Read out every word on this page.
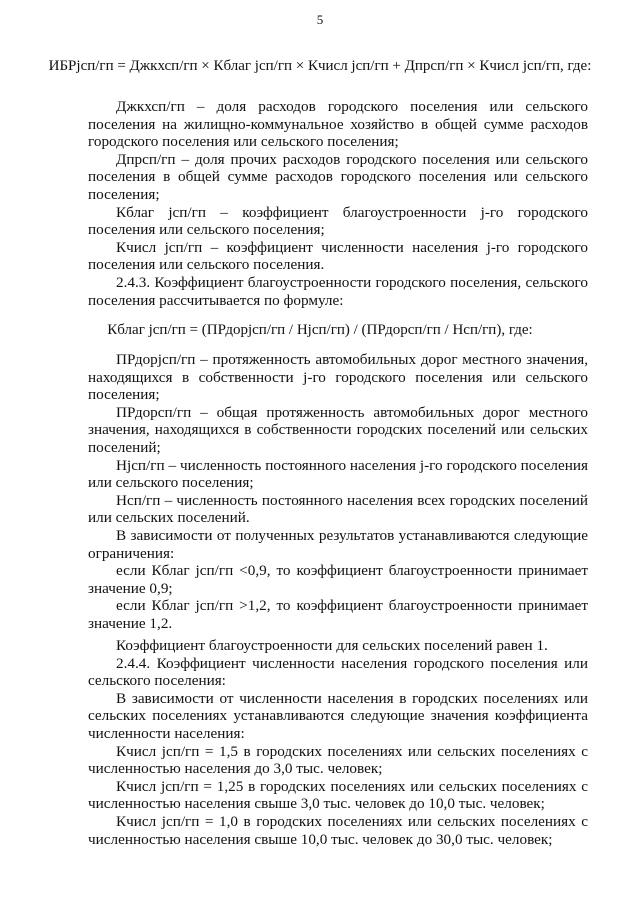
5
ИБРjсп/гп = Джкхсп/гп × Кблаг jсп/гп × Кчисл jсп/гп + Дпрсп/гп × Кчисл jсп/гп, где:

Джкхсп/гп – доля расходов городского поселения или сельского поселения на жилищно-коммунальное хозяйство в общей сумме расходов городского поселения или сельского поселения;

Дпрсп/гп – доля прочих расходов городского поселения или сельского поселения в общей сумме расходов городского поселения или сельского поселения;

Кблаг jсп/гп – коэффициент благоустроенности j-го городского поселения или сельского поселения;

Кчисл jсп/гп – коэффициент численности населения j-го городского поселения или сельского поселения.

2.4.3. Коэффициент благоустроенности городского поселения, сельского поселения рассчитывается по формуле:

Кблаг jсп/гп = (ПРдорjсп/гп / Нjсп/гп) / (ПРдорсп/гп / Нсп/гп), где:

ПРдорjсп/гп – протяженность автомобильных дорог местного значения, находящихся в собственности j-го городского поселения или сельского поселения;

ПРдорсп/гп – общая протяженность автомобильных дорог местного значения, находящихся в собственности городских поселений или сельских поселений;

Нjсп/гп – численность постоянного населения j-го городского поселения или сельского поселения;

Нсп/гп – численность постоянного населения всех городских поселений или сельских поселений.

В зависимости от полученных результатов устанавливаются следующие ограничения:

если Кблаг jсп/гп <0,9, то коэффициент благоустроенности принимает значение 0,9;

если Кблаг jсп/гп >1,2, то коэффициент благоустроенности принимает значение 1,2.

Коэффициент благоустроенности для сельских поселений равен 1.

2.4.4. Коэффициент численности населения городского поселения или сельского поселения:

В зависимости от численности населения в городских поселениях или сельских поселениях устанавливаются следующие значения коэффициента численности населения:

Кчисл jсп/гп = 1,5 в городских поселениях или сельских поселениях с численностью населения до 3,0 тыс. человек;

Кчисл jсп/гп = 1,25 в городских поселениях или сельских поселениях с численностью населения свыше 3,0 тыс. человек до 10,0 тыс. человек;

Кчисл jсп/гп = 1,0 в городских поселениях или сельских поселениях с численностью населения свыше 10,0 тыс. человек до 30,0 тыс. человек;
